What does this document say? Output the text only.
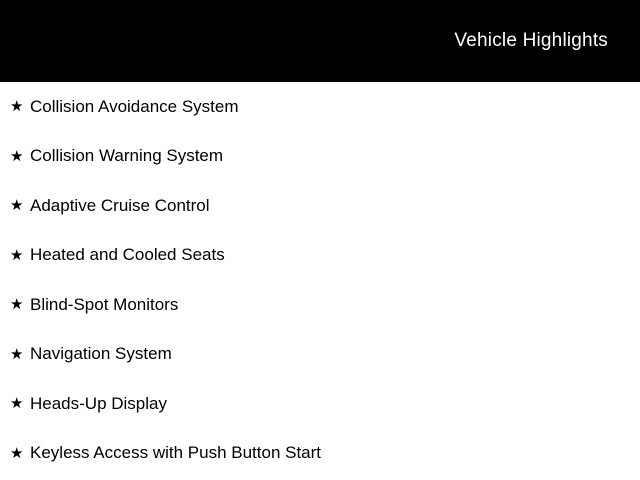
Vehicle Highlights
★ Collision Avoidance System
★ Collision Warning System
★ Adaptive Cruise Control
★ Heated and Cooled Seats
★ Blind-Spot Monitors
★ Navigation System
★ Heads-Up Display
★ Keyless Access with Push Button Start
